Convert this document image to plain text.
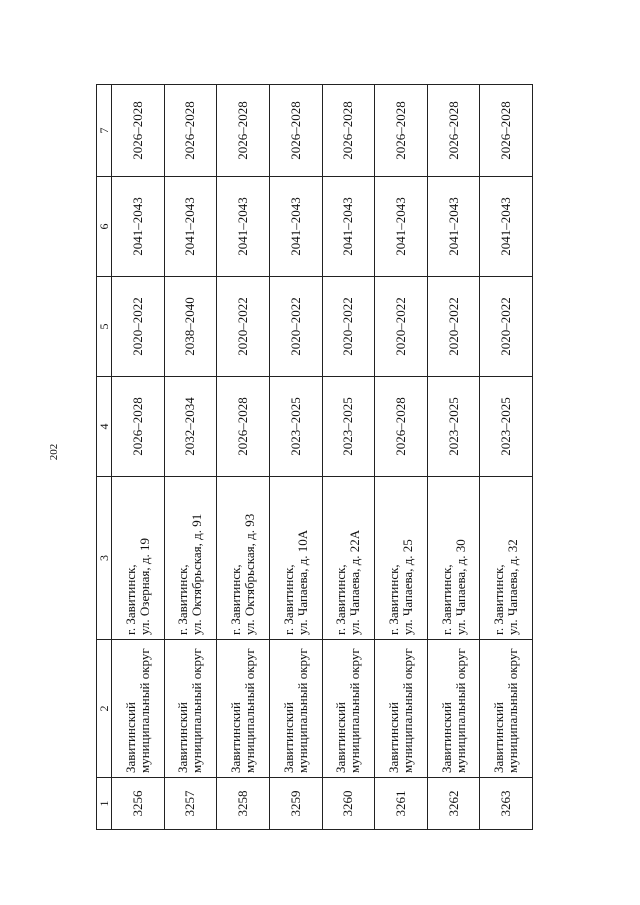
202
1	2	3	4	5	6	7
3256	Завитинский муниципальный округ	г. Завитинск,
ул. Озерная, д. 19	2026–2028	2020–2022	2041–2043	2026–2028
3257	Завитинский муниципальный округ	г. Завитинск,
ул. Октябрьская, д. 91	2032–2034	2038–2040	2041–2043	2026–2028
3258	Завитинский муниципальный округ	г. Завитинск,
ул. Октябрьская, д. 93	2026–2028	2020–2022	2041–2043	2026–2028
3259	Завитинский муниципальный округ	г. Завитинск,
ул. Чапаева, д. 10А	2023–2025	2020–2022	2041–2043	2026–2028
3260	Завитинский муниципальный округ	г. Завитинск,
ул. Чапаева, д. 22А	2023–2025	2020–2022	2041–2043	2026–2028
3261	Завитинский муниципальный округ	г. Завитинск,
ул. Чапаева, д. 25	2026–2028	2020–2022	2041–2043	2026–2028
3262	Завитинский муниципальный округ	г. Завитинск,
ул. Чапаева, д. 30	2023–2025	2020–2022	2041–2043	2026–2028
3263	Завитинский муниципальный округ	г. Завитинск,
ул. Чапаева, д. 32	2023–2025	2020–2022	2041–2043	2026–2028
